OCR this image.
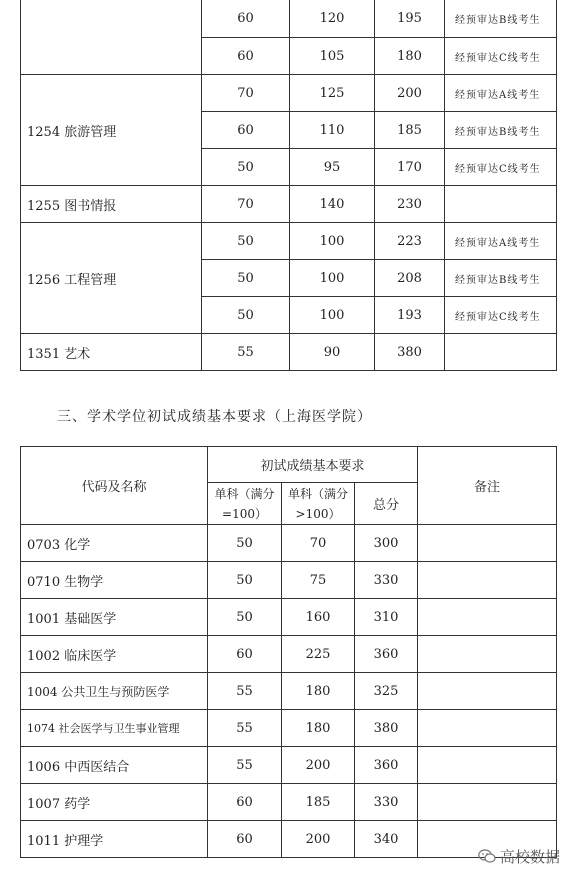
	60	120	195	经预审达B线考生
	60	105	180	经预审达C线考生
1254 旅游管理	70	125	200	经预审达A线考生
	60	110	185	经预审达B线考生
	50	95	170	经预审达C线考生
1255 图书情报	70	140	230	
1256 工程管理	50	100	223	经预审达A线考生
	50	100	208	经预审达B线考生
	50	100	193	经预审达C线考生
1351 艺术	55	90	380	
三、学术学位初试成绩基本要求（上海医学院）
代码及名称	初试成绩基本要求			备注
	单科（满分=100）	单科（满分>100）	总分	
0703 化学	50	70	300	
0710 生物学	50	75	330	
1001 基础医学	50	160	310	
1002 临床医学	60	225	360	
1004 公共卫生与预防医学	55	180	325	
1074 社会医学与卫生事业管理	55	180	380	
1006 中西医结合	55	200	360	
1007 药学	60	185	330	
1011 护理学	60	200	340	
高校数据
